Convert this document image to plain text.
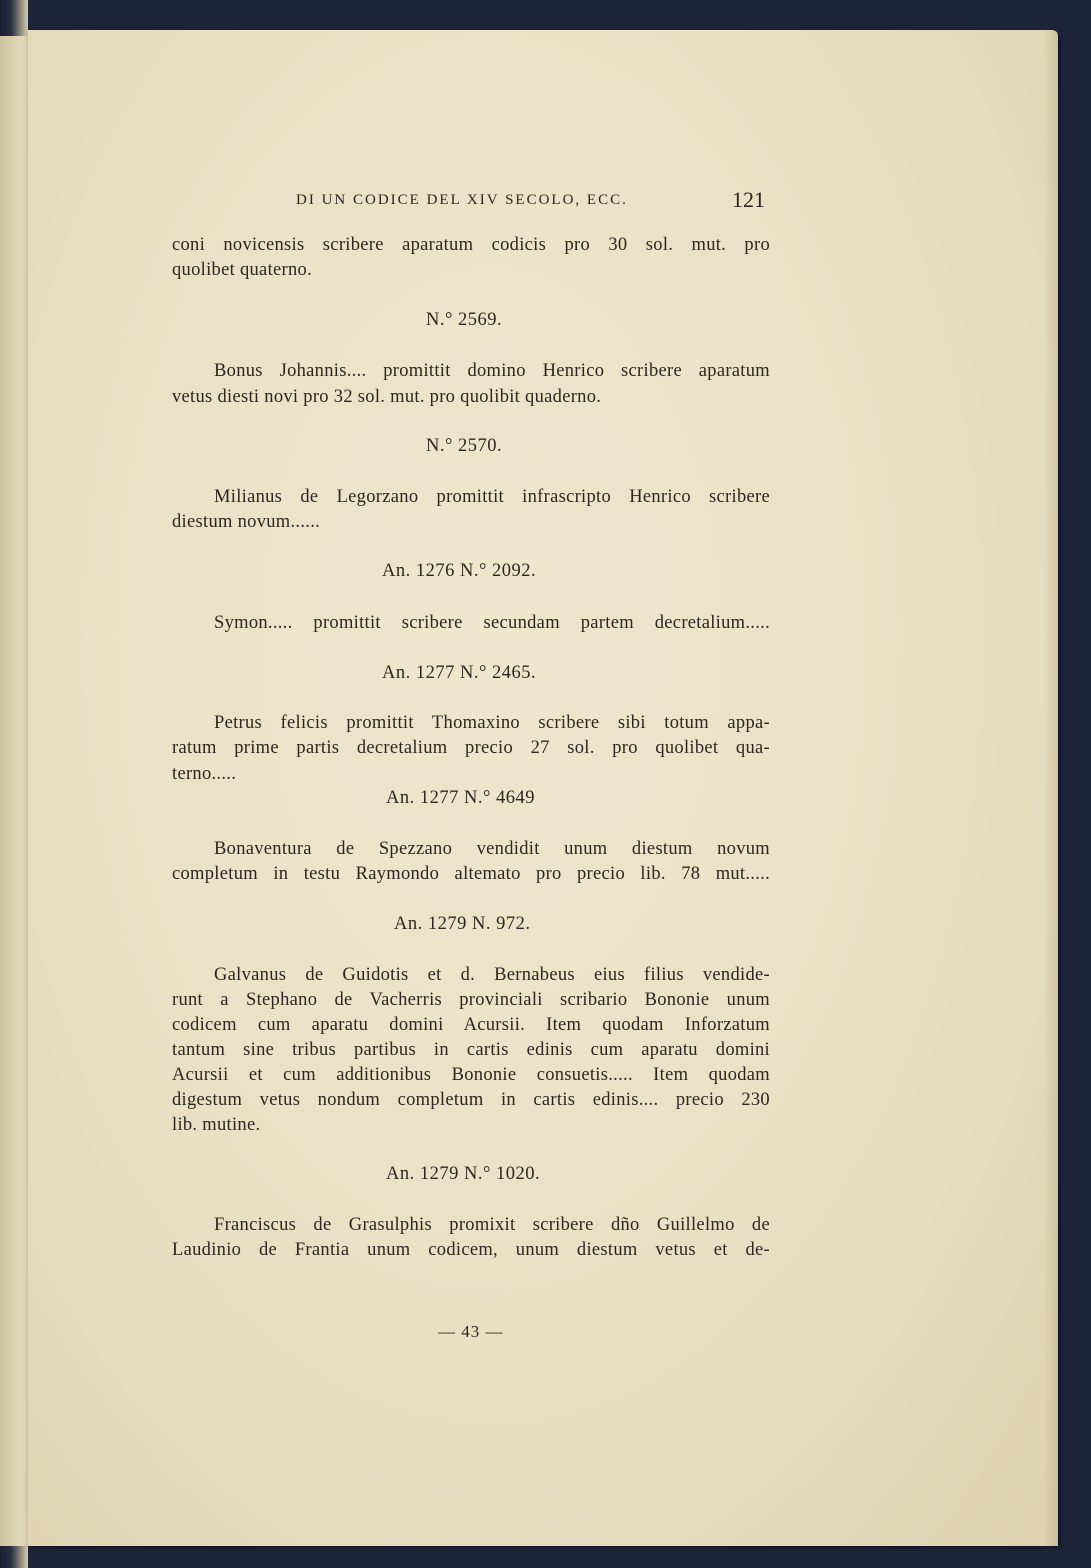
DI UN CODICE DEL XIV SECOLO, ECC.	121
coni novicensis scribere aparatum codicis pro 30 sol. mut. pro
quolibet quaterno.
N.° 2569.
Bonus Johannis.... promittit domino Henrico scribere aparatum
vetus diesti novi pro 32 sol. mut. pro quolibit quaderno.
N.° 2570.
Milianus de Legorzano promittit infrascripto Henrico scribere
diestum novum......
An. 1276 N.° 2092.
Symon..... promittit scribere secundam partem decretalium.....
An. 1277 N.° 2465.
Petrus felicis promittit Thomaxino scribere sibi totum appa-
ratum prime partis decretalium precio 27 sol. pro quolibet qua-
terno.....
An. 1277 N.° 4649
Bonaventura de Spezzano vendidit unum diestum novum
completum in testu Raymondo altemato pro precio lib. 78 mut.....
An. 1279 N. 972.
Galvanus de Guidotis et d. Bernabeus eius filius vendide-
runt a Stephano de Vacherris provinciali scribario Bononie unum
codicem cum aparatu domini Acursii. Item quodam Inforzatum
tantum sine tribus partibus in cartis edinis cum aparatu domini
Acursii et cum additionibus Bononie consuetis..... Item quodam
digestum vetus nondum completum in cartis edinis.... precio 230
lib. mutine.
An. 1279 N.° 1020.
Franciscus de Grasulphis promixit scribere dño Guillelmo de
Laudinio de Frantia unum codicem, unum diestum vetus et de-
— 43 —
